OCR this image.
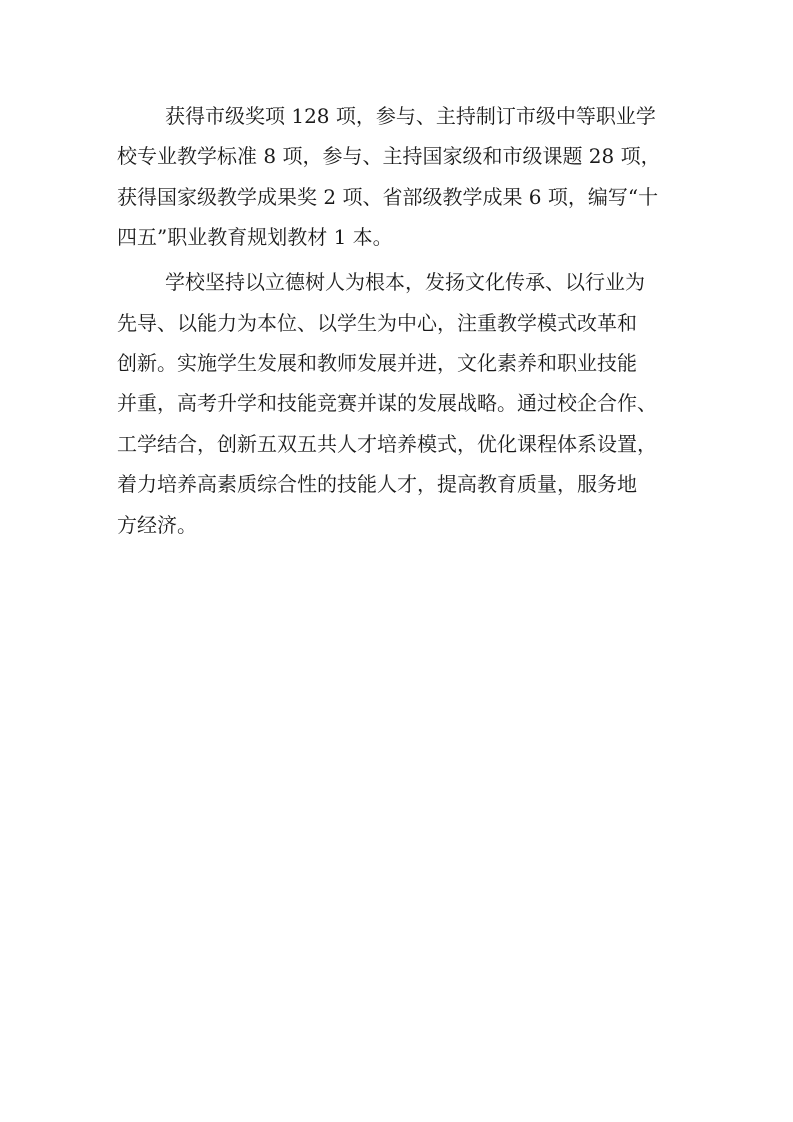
获得市级奖项 128 项，参与、主持制订市级中等职业学
校专业教学标准 8 项，参与、主持国家级和市级课题 28 项，
获得国家级教学成果奖 2 项、省部级教学成果 6 项，编写“十
四五”职业教育规划教材 1 本。
学校坚持以立德树人为根本，发扬文化传承、以行业为
先导、以能力为本位、以学生为中心，注重教学模式改革和
创新。实施学生发展和教师发展并进，文化素养和职业技能
并重，高考升学和技能竞赛并谋的发展战略。通过校企合作、
工学结合，创新五双五共人才培养模式，优化课程体系设置，
着力培养高素质综合性的技能人才，提高教育质量，服务地
方经济。
